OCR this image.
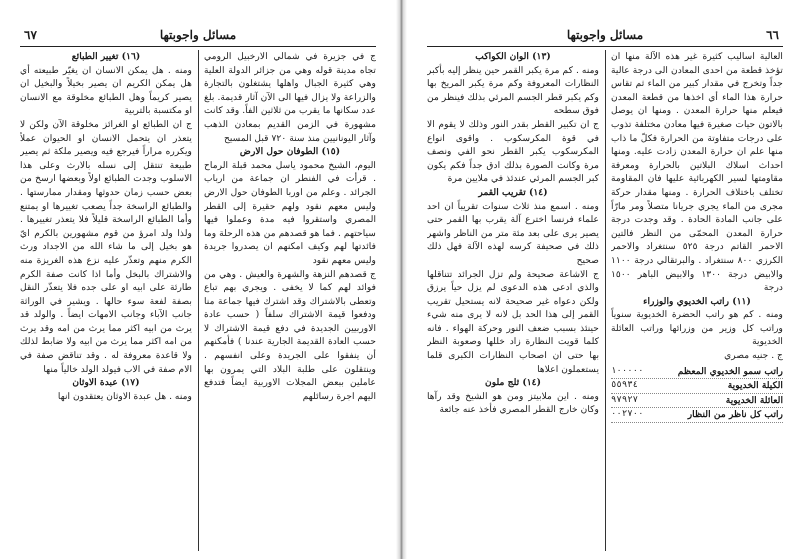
مسائل واجوبتها
٦٧

ج في جزيرة في شمالي الارخبيل الرومي تجاه مدينة قوله وهي من جزائر الدولة العلية وهي كثيرة الجبال واهلها يشتغلون بالتجارة والزراعة ولا يزال فيها الى الآن آثار قديمة. بلغ عدد سكانها ما يقرب من ثلاثين الفاً. وقد كانت مشهورة في الزمن القديم بمعادن الذهب وآثار اليونانيين منذ سنة ٧٢٠ قبل المسيح

(١٥) الطوفان حول الارض

اليوم، الشيخ محمود ياسل محمد قبلة الرماح . قرأت في الفنطر ان جماعة من ارباب الجرائد . وعلم من اوربا الطوفان حول الارض وليس معهم نقود ولهم حقيرة إلى القطر المصري واستقروا فيه مدة وعملوا فيها سياحتهم . فما هو قصدهم من هذه الرحلة وما فائدتها لهم وكيف امكنهم ان يصدروا جريدة وليس معهم نقود

ج قصدهم النزهة والشهرة والعيش . وهي من فوائد لهم كما لا يخفى . ويجري بهم تباع وتعطى بالاشتراك وقد اشترك فيها جماعة منا ودفعوا قيمة الاشتراك سلفاً ( حسب عادة الاوربيين الجديدة في دفع قيمة الاشتراك لا حسب العادة القديمة الجارية عندنا ) فأمكنهم أن ينفقوا على الجريدة وعلى انفسهم . وينتقلون على طلبة البلاد التي يمرون بها عاملين ببعض المجلات الاوربية ايضاً فتدفع اليهم اجرة رسائلهم

(١٦) تغيير الطبائع

ومنه . هل يمكن الانسان ان يغيّر طبيعته أي هل يمكن الكريم ان يصير بخيلاً والبخيل ان يصير كريماً وهل الطبائع مخلوقة مع الانسان او مكتسبة بالتربية

ج ان الطبائع او الغرائز مخلوقة الآن ولكن لا يتعذر ان يتحمل الانسان او الحيوان عملاً ويكرره مراراً فيرجع فيه ويصير ملكة ثم يصير طبيعة تنتقل إلى نسله بالارث وعلى هذا الاسلوب وجدت الطبائع اولاً وبعضها ارسخ من بعض حسب زمان حدوثها ومقدار ممارستها . والطبائع الراسخة جداً يصعب تغييرها او يمتنع وأما الطبائع الراسخة قليلاً فلا يتعذر تغييرها . ولذا ولد امرؤ من قوم مشهورين بالكرم ايّ هو بخيل إلى ما شاء الله من الاجداد ورث الكرم منهم وتعذّر عليه نزع هذه الغريزة منه والاشتراك بالبخل وأما اذا كانت صفة الكرم طارئة على ابيه او على جده فلا يتعذّر النقل بصفة لفعة سوء حالها . ويشير في الوراثة جانب الآباء وجانب الامهات ايضاً . والولد قد يرث من ابيه اكثر مما يرث من امه وقد يرث من امه اكثر مما يرث من ابيه ولا ضابط لذلك ولا قاعدة معروفة له . وقد تناقض صفة في الام صفة في الاب فيولد الولد خالياً منها

(١٧) عبدة الاوثان

ومنه . هل عبدة الاوثان يعتقدون انها

مسائل واجوبتها	٦٦

العالية اساليب كثيرة غير هذه الآلة منها ان تؤخذ قطعة من احدى المعادن الى درجة عالية جداً وتخرج في مقدار كبير من الماء ثم تقاس حرارة هذا الماء أي اخذها من قطعة المعدن فيعلم منها حرارة المعدن . ومنها ان يوصل بالاتون حيات صغيرة فيها معادن مختلفة تذوب على درجات متفاوتة من الحرارة فكلّ ما ذاب منها علم ان حرارة المعدن زادت عليه. ومنها احداث اسلاك البلاتين بالحرارة ومعرفة مقاومتها لسير الكهربائية عليها فان المقاومة تختلف باختلاف الحرارة . ومنها مقدار حركة مجرى من الماء يجري جريانا متصلاً ومر مارّاً على جانب المادة الحادة . وقد وجدت درجة حرارة المعدن المحمّى من النظر فالتين الاحمر القاتم درجة ٥٢٥ سنتغراد والاحمر الكرزي ٨٠٠ سنتغراد . والبرتقالي درجة ١١٠٠ والابيض درجة ١٣٠٠ والابيض الباهر ١٥٠٠ درجة

(١١) راتب الخديوي والوزراء

ومنه . كم هو راتب الحضرة الخديوية سنوياً وراتب كل وزير من وزرائها وراتب العائلة الخديوية

ج . جنيه مصري

راتب سمو الخديوي المعظم
١٠٠٠٠٠
الكيلة الخديوية
٥٥٩٣٤
العائلة الخديوية
٩٧٩٢٧
راتب كل ناظر من النظار
٠٠٢٧٠٠

(١٣) الوان الكواكب

ومنه . كم مرة يكبر القمر حين ينظر إليه بأكبر النظارات المعروفة وكم مرة يكبر المريخ بها وكم يكبر قطر الجسم المرئي بذلك فينظر من فوق سطحه

ج ان تكبير القطر بقدر النور وذلك لا يقوم الا في قوة المكرسكوب . واقوى انواع المكرسكوب يكبر القطر نحو الفي ونصف مرة وكانت الصورة بذلك ادق جداً فكم يكون كبر الجسم المرئي عندئذ في ملايين مرة

(١٤) تقريب القمر

ومنه . اسمع منذ ثلاث سنوات تقريباً ان احد علماء فرنسا اخترع آلة يقرب بها القمر حتى يصير يرى على بعد مئة متر من الناظر واشهر ذلك في صحيفة كرسه لهذه الآلة فهل ذلك صحيح

ج الاشاعة صحيحة ولم تزل الجرائد تتناقلها والذي ادعى هذه الدعوى لم يزل حياً يرزق ولكن دعواه غير صحيحة لانه يستحيل تقريب القمر إلى هذا الحد بل لانه لا يرى منه شيء حينئذ بسبب ضعف النور وحركة الهواء . فانه كلما قويت النظارة زاد خللها وصعوبة النظر بها حتى ان اصحاب النظارات الكبرى قلما يستعملون اعلاها

(١٤) ثلج ملون

ومنه . اين ملابيتز ومن هو الشيخ وقد رآها وكان خارج القطر المصري فأخذ عنه جائعة
